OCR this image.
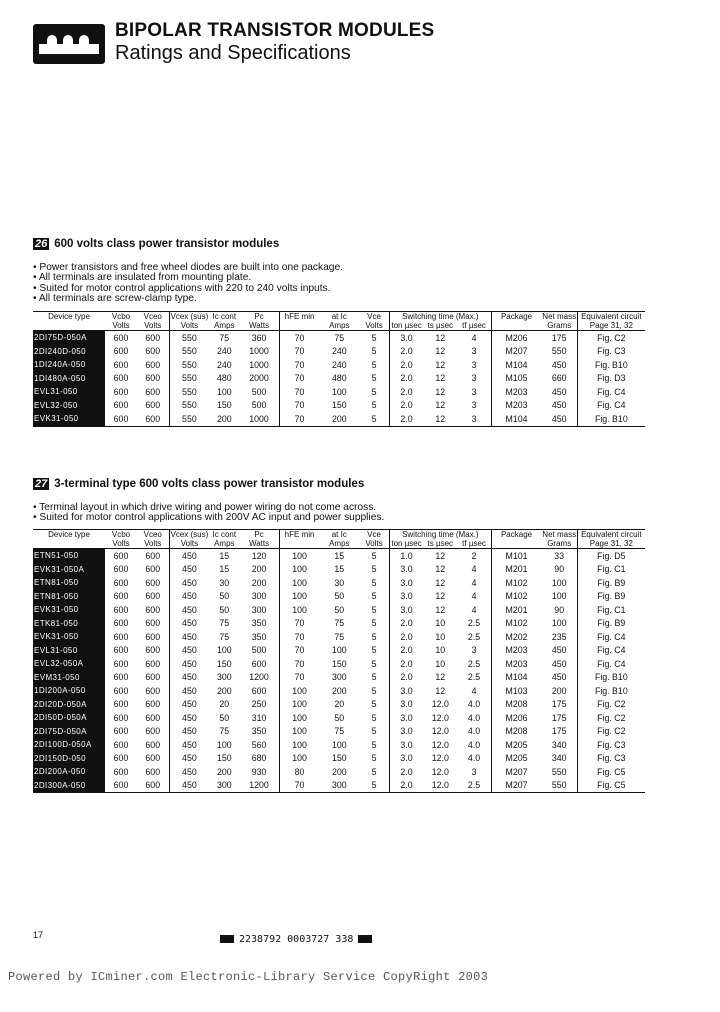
BIPOLAR TRANSISTOR MODULES
Ratings and Specifications
26 600 volts class power transistor modules
• Power transistors and free wheel diodes are built into one package.
• All terminals are insulated from mounting plate.
• Suited for motor control applications with 220 to 240 volts inputs.
• All terminals are screw-clamp type.
Device type	Vcbo	Vceo	Vcex (sus)	Ic cont	Pc	hFE min	at Ic	Vce	Switching time (Max.)			Package	Net mass	Equivalent circuit
	Volts	Volts	Volts	Amps	Watts		Amps	Volts	ton µsec	ts µsec	tf µsec		Grams	Page 31, 32
2DI75D-050A	600	600	550	75	360	70	75	5	3.0	12	4	M206	175	Fig. C2
2DI240D-050	600	600	550	240	1000	70	240	5	2.0	12	3	M207	550	Fig. C3
1DI240A-050	600	600	550	240	1000	70	240	5	2.0	12	3	M104	450	Fig. B10
1DI480A-050	600	600	550	480	2000	70	480	5	2.0	12	3	M105	660	Fig. D3
EVL31-050	600	600	550	100	500	70	100	5	2.0	12	3	M203	450	Fig. C4
EVL32-050	600	600	550	150	500	70	150	5	2.0	12	3	M203	450	Fig. C4
EVK31-050	600	600	550	200	1000	70	200	5	2.0	12	3	M104	450	Fig. B10
27 3-terminal type 600 volts class power transistor modules
• Terminal layout in which drive wiring and power wiring do not come across.
• Suited for motor control applications with 200V AC input and power supplies.
Device type	Vcbo	Vceo	Vcex (sus)	Ic cont	Pc	hFE min	at Ic	Vce	Switching time (Max.)			Package	Net mass	Equivalent circuit
	Volts	Volts	Volts	Amps	Watts		Amps	Volts	ton µsec	ts µsec	tf µsec		Grams	Page 31, 32
ETN51-050	600	600	450	15	120	100	15	5	1.0	12	2	M101	33	Fig. D5
EVK31-050A	600	600	450	15	200	100	15	5	3.0	12	4	M201	90	Fig. C1
ETN81-050	600	600	450	30	200	100	30	5	3.0	12	4	M102	100	Fig. B9
ETN81-050	600	600	450	50	300	100	50	5	3.0	12	4	M102	100	Fig. B9
EVK31-050	600	600	450	50	300	100	50	5	3.0	12	4	M201	90	Fig. C1
ETK81-050	600	600	450	75	350	70	75	5	2.0	10	2.5	M102	100	Fig. B9
EVK31-050	600	600	450	75	350	70	75	5	2.0	10	2.5	M202	235	Fig. C4
EVL31-050	600	600	450	100	500	70	100	5	2.0	10	3	M203	450	Fig. C4
EVL32-050A	600	600	450	150	600	70	150	5	2.0	10	2.5	M203	450	Fig. C4
EVM31-050	600	600	450	300	1200	70	300	5	2.0	12	2.5	M104	450	Fig. B10
1DI200A-050	600	600	450	200	600	100	200	5	3.0	12	4	M103	200	Fig. B10
2DI20D-050A	600	600	450	20	250	100	20	5	3.0	12.0	4.0	M208	175	Fig. C2
2DI50D-050A	600	600	450	50	310	100	50	5	3.0	12.0	4.0	M206	175	Fig. C2
2DI75D-050A	600	600	450	75	350	100	75	5	3.0	12.0	4.0	M208	175	Fig. C2
2DI100D-050A	600	600	450	100	560	100	100	5	3.0	12.0	4.0	M205	340	Fig. C3
2DI150D-050	600	600	450	150	680	100	150	5	3.0	12.0	4.0	M205	340	Fig. C3
2DI200A-050	600	600	450	200	930	80	200	5	2.0	12.0	3	M207	550	Fig. C5
2DI300A-050	600	600	450	300	1200	70	300	5	2.0	12.0	2.5	M207	550	Fig. C5
17	2238792 0003727 338
Powered by ICminer.com Electronic-Library Service CopyRight 2003
